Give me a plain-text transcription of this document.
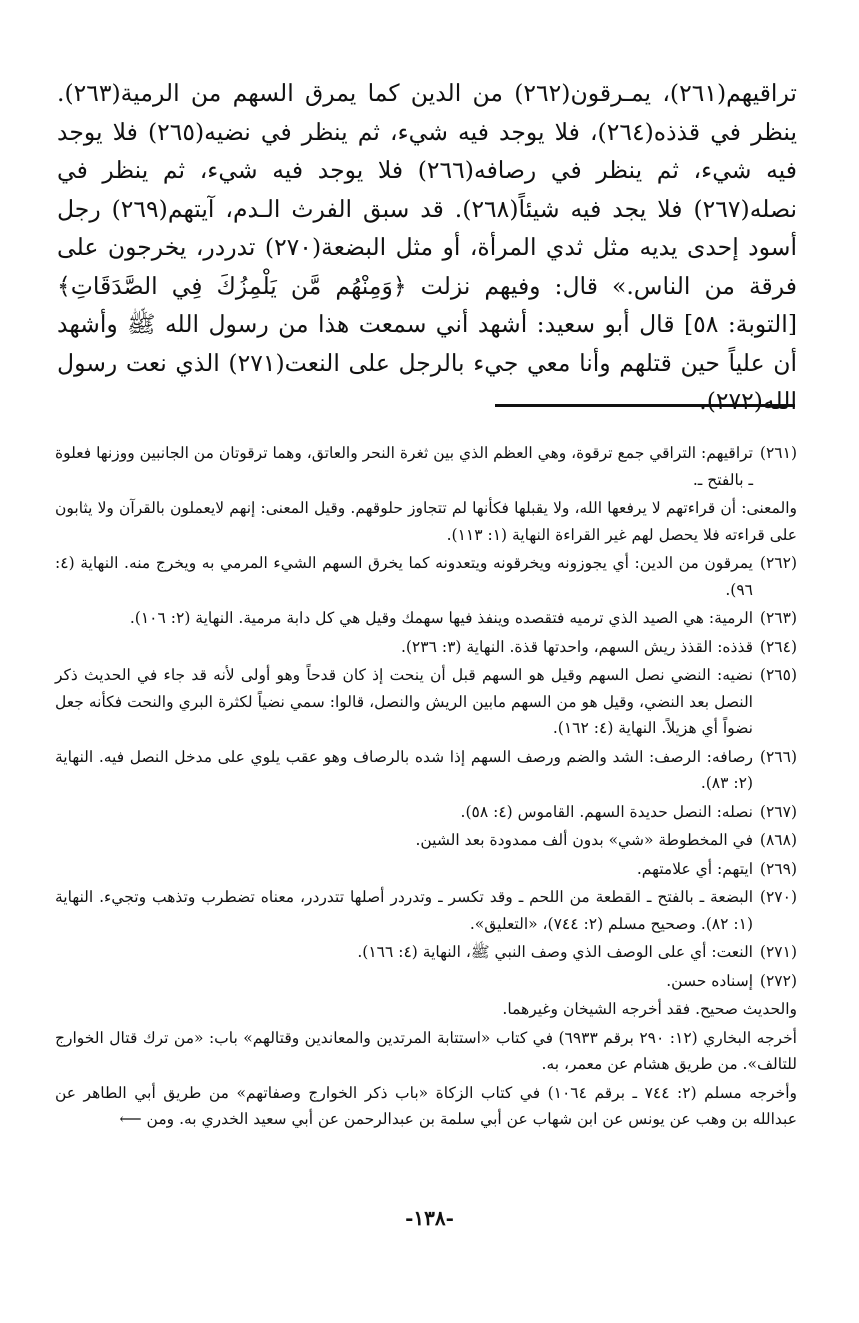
تراقيهم(٢٦١)، يمـرقون(٢٦٢) من الدين كما يمرق السهم من الرمية(٢٦٣). ينظر في قذذه(٢٦٤)، فلا يوجد فيه شيء، ثم ينظر في نضيه(٢٦٥) فلا يوجد فيه شيء، ثم ينظر في رصافه(٢٦٦) فلا يوجد فيه شيء، ثم ينظر في نصله(٢٦٧) فلا يجد فيه شيئاً(٢٦٨). قد سبق الفرث الـدم، آيتهم(٢٦٩) رجل أسود إحدى يديه مثل ثدي المرأة، أو مثل البضعة(٢٧٠) تدردر، يخرجون على فرقة من الناس.» قال: وفيهم نزلت ﴿وَمِنْهُم مَّن يَلْمِزُكَ فِي الصَّدَقَاتِ﴾ [التوبة: ٥٨] قال أبو سعيد: أشهد أني سمعت هذا من رسول الله ﷺ وأشهد أن علياً حين قتلهم وأنا معي جيء بالرجل على النعت(٢٧١) الذي نعت رسول الله(٢٧٢).

(٢٦١)
تراقيهم: التراقي جمع ترقوة، وهي العظم الذي بين ثغرة النحر والعاتق، وهما ترقوتان من الجانبين ووزنها فعلوة ـ بالفتح ـ.
والمعنى: أن قراءتهم لا يرفعها الله، ولا يقبلها فكأنها لم تتجاوز حلوقهم. وقيل المعنى: إنهم لايعملون بالقرآن ولا يثابون على قراءته فلا يحصل لهم غير القراءة النهاية (١: ١١٣).
(٢٦٢)
يمرقون من الدين: أي يجوزونه ويخرقونه ويتعدونه كما يخرق السهم الشيء المرمي به ويخرج منه. النهاية (٤: ٩٦).
(٢٦٣)
الرمية: هي الصيد الذي ترميه فتقصده وينفذ فيها سهمك وقيل هي كل دابة مرمية. النهاية (٢: ١٠٦).
(٢٦٤)
قذذه: القذذ ريش السهم، واحدتها قذة. النهاية (٣: ٢٣٦).
(٢٦٥)
نضيه: النضي نصل السهم وقيل هو السهم قبل أن ينحت إذ كان قدحاً وهو أولى لأنه قد جاء في الحديث ذكر النصل بعد النضي، وقيل هو من السهم مابين الريش والنصل، قالوا: سمي نضياً لكثرة البري والنحت فكأنه جعل نضواً أي هزيلاً. النهاية (٤: ١٦٢).
(٢٦٦)
رصافه: الرصف: الشد والضم ورصف السهم إذا شده بالرصاف وهو عقب يلوي على مدخل النصل فيه. النهاية (٢: ٨٣).
(٢٦٧)
نصله: النصل حديدة السهم. القاموس (٤: ٥٨).
(٨٦٨)
في المخطوطة «شي» بدون ألف ممدودة بعد الشين.
(٢٦٩)
ايتهم: أي علامتهم.
(٢٧٠)
البضعة ـ بالفتح ـ القطعة من اللحم ـ وقد تكسر ـ وتدردر أصلها تتدردر، معناه تضطرب وتذهب وتجيء. النهاية (١: ٨٢). وصحيح مسلم (٢: ٧٤٤)، «التعليق».
(٢٧١)
النعت: أي على الوصف الذي وصف النبي ﷺ، النهاية (٤: ١٦٦).
(٢٧٢)
إسناده حسن.
والحديث صحيح. فقد أخرجه الشيخان وغيرهما.
أخرجه البخاري (١٢: ٢٩٠ برقم ٦٩٣٣) في كتاب «استتابة المرتدين والمعاندين وقتالهم» باب: «من ترك قتال الخوارج للتالف». من طريق هشام عن معمر، به.
وأخرجه مسلم (٢: ٧٤٤ ـ برقم ١٠٦٤) في كتاب الزكاة «باب ذكر الخوارج وصفاتهم» من طريق أبي الطاهر عن عبدالله بن وهب عن يونس عن ابن شهاب عن أبي سلمة بن عبدالرحمن عن أبي سعيد الخدري به. ومن ⟵
-١٣٨-
